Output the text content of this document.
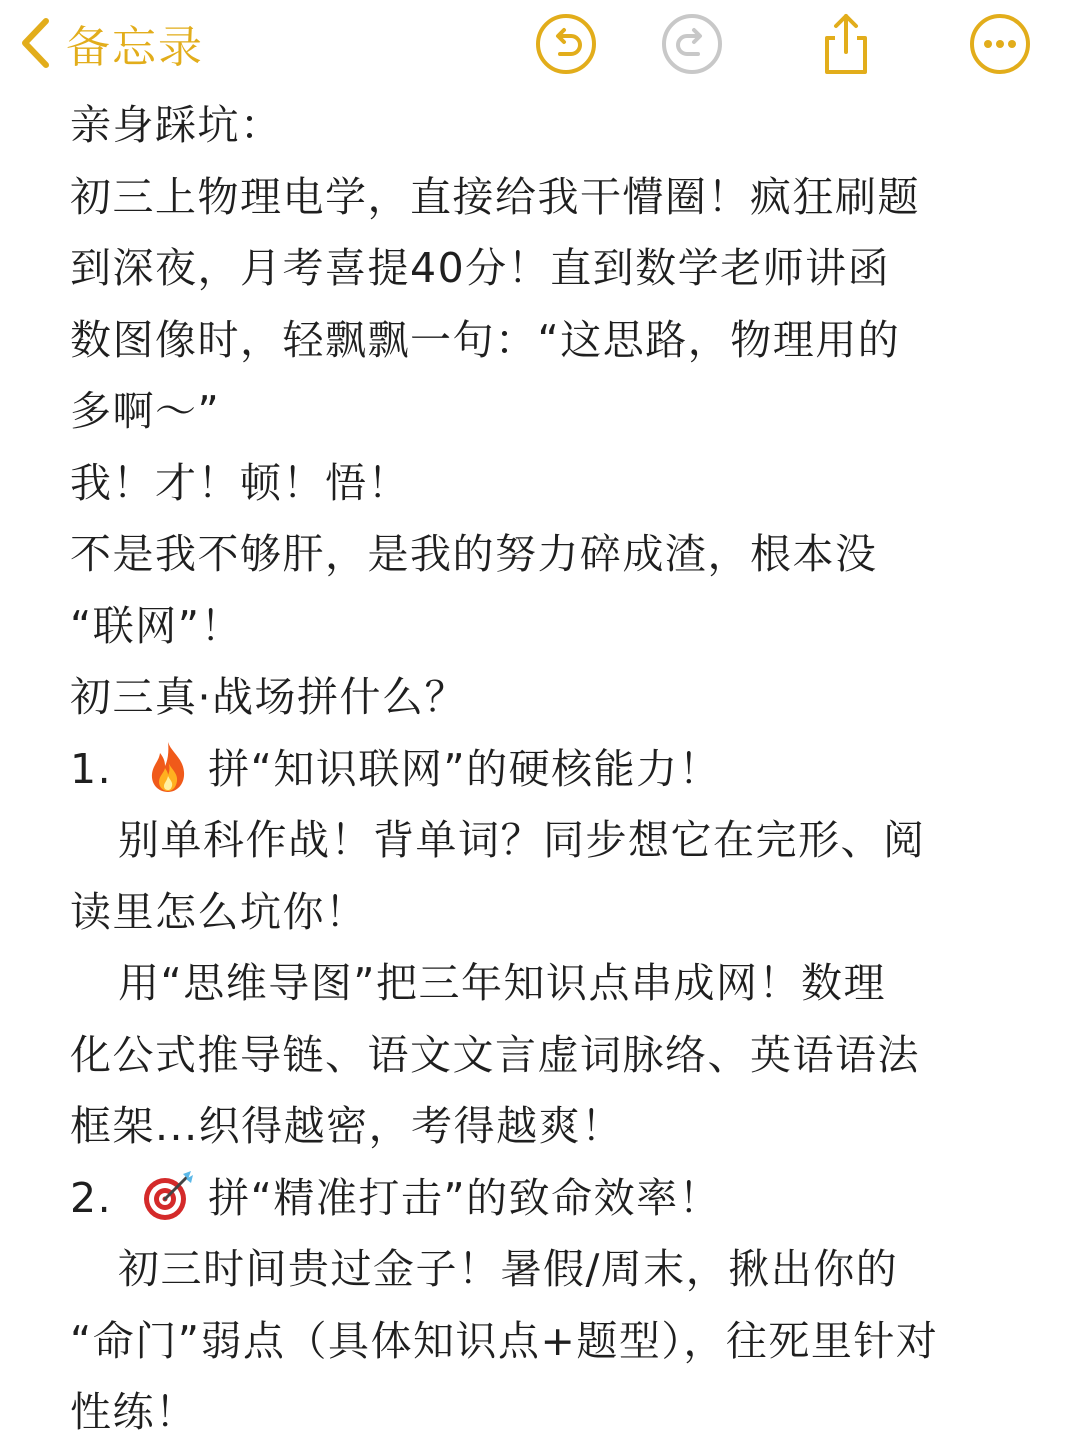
备忘录
亲身踩坑：
初三上物理电学，直接给我干懵圈！疯狂刷题
到深夜，月考喜提40分！直到数学老师讲函
数图像时，轻飘飘一句：“这思路，物理用的
多啊～”
我！才！顿！悟！
不是我不够肝，是我的努力碎成渣，根本没
“联网”！
初三真·战场拼什么？
1. 拼“知识联网”的硬核能力！
别单科作战！背单词？同步想它在完形、阅
读里怎么坑你！
用“思维导图”把三年知识点串成网！数理
化公式推导链、语文文言虚词脉络、英语语法
框架...织得越密，考得越爽！
2. 拼“精准打击”的致命效率！
初三时间贵过金子！暑假/周末，揪出你的
“命门”弱点（具体知识点+题型），往死里针对
性练！
